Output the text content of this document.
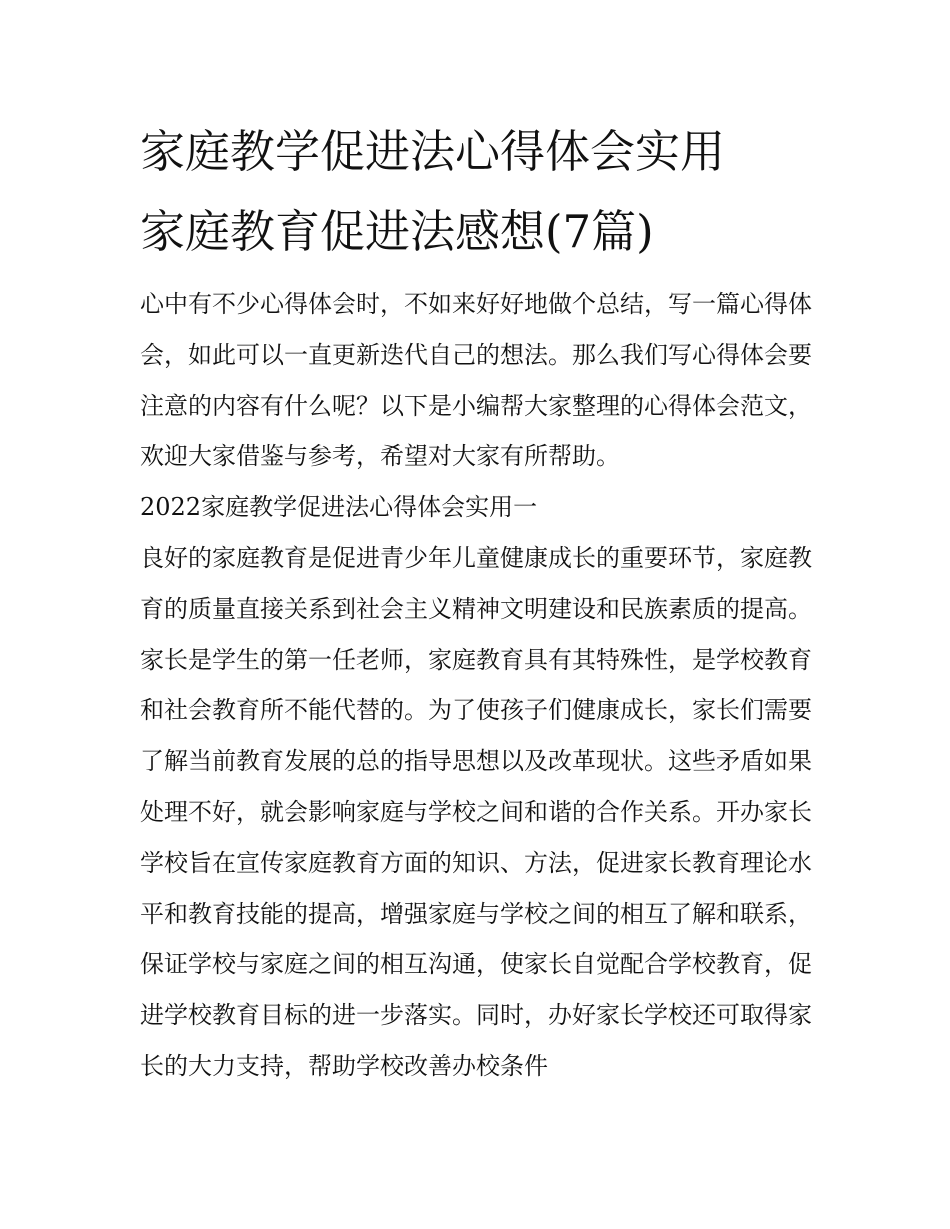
家庭教学促进法心得体会实用
家庭教育促进法感想(7篇)

心中有不少心得体会时，不如来好好地做个总结，写一篇心得体会，如此可以一直更新迭代自己的想法。那么我们写心得体会要注意的内容有什么呢？以下是小编帮大家整理的心得体会范文，欢迎大家借鉴与参考，希望对大家有所帮助。

2022家庭教学促进法心得体会实用一

良好的家庭教育是促进青少年儿童健康成长的重要环节，家庭教育的质量直接关系到社会主义精神文明建设和民族素质的提高。家长是学生的第一任老师，家庭教育具有其特殊性，是学校教育和社会教育所不能代替的。为了使孩子们健康成长，家长们需要了解当前教育发展的总的指导思想以及改革现状。这些矛盾如果处理不好，就会影响家庭与学校之间和谐的合作关系。开办家长学校旨在宣传家庭教育方面的知识、方法，促进家长教育理论水平和教育技能的提高，增强家庭与学校之间的相互了解和联系，保证学校与家庭之间的相互沟通，使家长自觉配合学校教育，促进学校教育目标的进一步落实。同时，办好家长学校还可取得家长的大力支持，帮助学校改善办校条件
